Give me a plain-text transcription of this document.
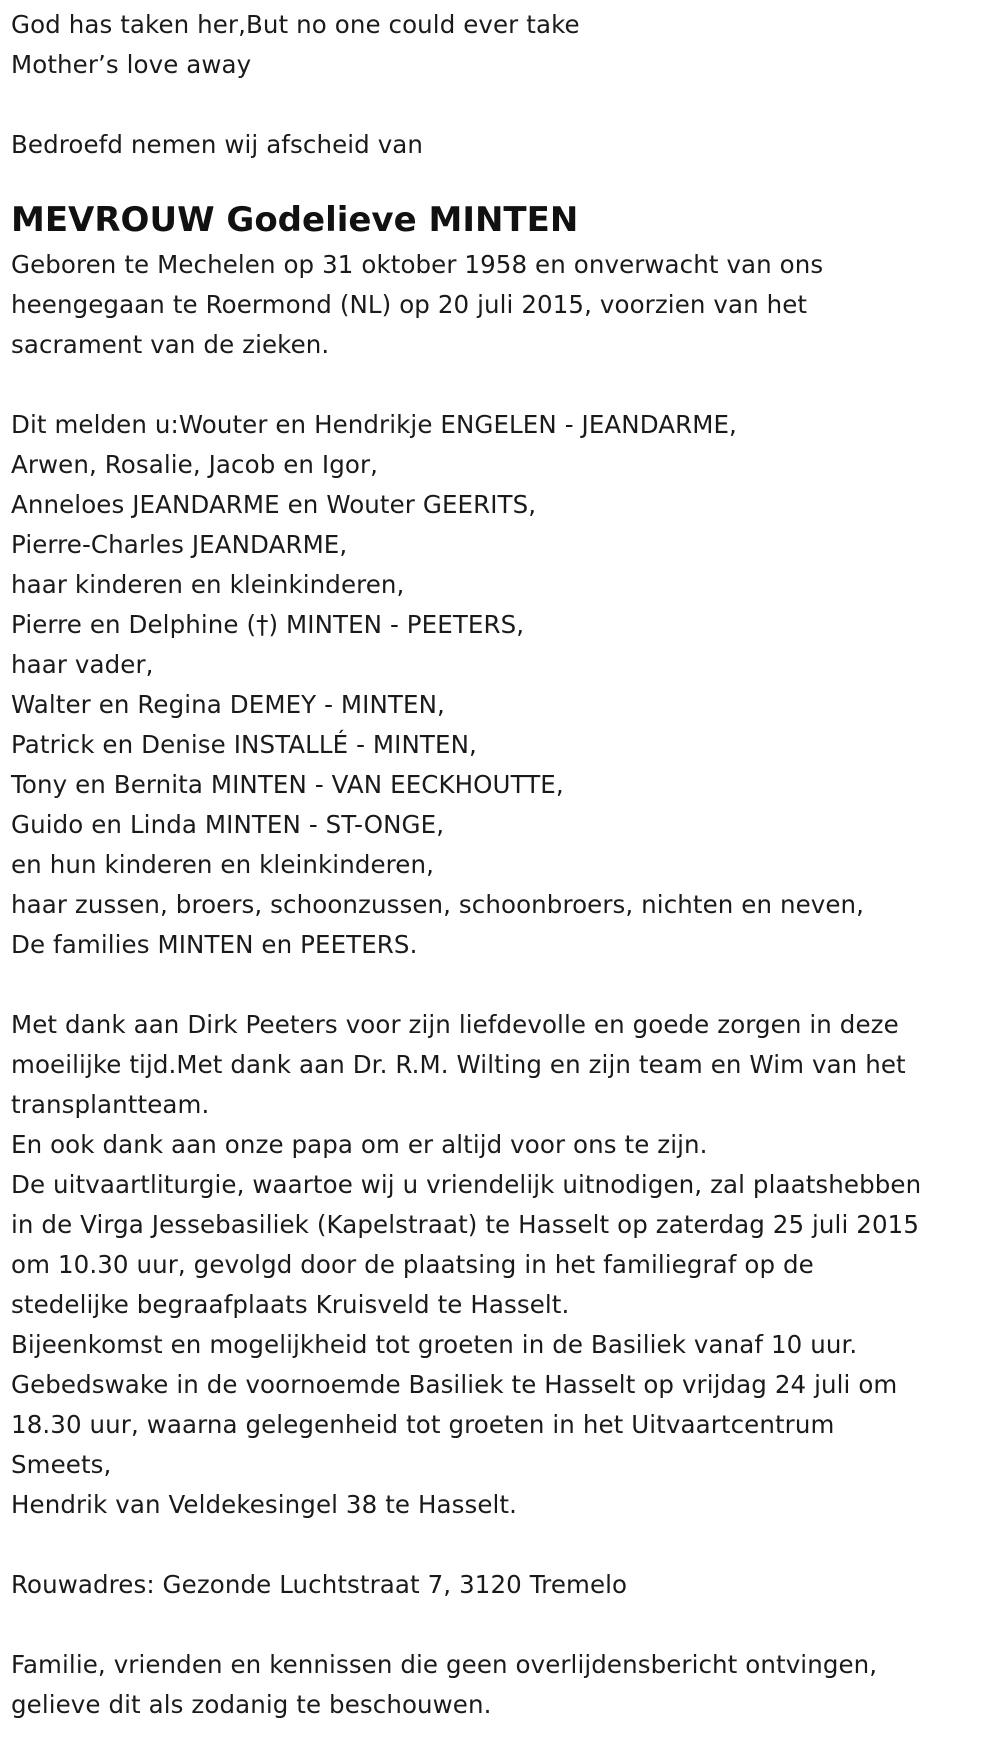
God has taken her,But no one could ever take
Mother’s love away
Bedroefd nemen wij afscheid van
MEVROUW Godelieve MINTEN
Geboren te Mechelen op 31 oktober 1958 en onverwacht van ons
heengegaan te Roermond (NL) op 20 juli 2015, voorzien van het
sacrament van de zieken.
Dit melden u:Wouter en Hendrikje ENGELEN - JEANDARME,
Arwen, Rosalie, Jacob en Igor,
Anneloes JEANDARME en Wouter GEERITS,
Pierre-Charles JEANDARME,
haar kinderen en kleinkinderen,
Pierre en Delphine (†) MINTEN - PEETERS,
haar vader,
Walter en Regina DEMEY - MINTEN,
Patrick en Denise INSTALLÉ - MINTEN,
Tony en Bernita MINTEN - VAN EECKHOUTTE,
Guido en Linda MINTEN - ST-ONGE,
en hun kinderen en kleinkinderen,
haar zussen, broers, schoonzussen, schoonbroers, nichten en neven,
De families MINTEN en PEETERS.
Met dank aan Dirk Peeters voor zijn liefdevolle en goede zorgen in deze
moeilijke tijd.Met dank aan Dr. R.M. Wilting en zijn team en Wim van het
transplantteam.
En ook dank aan onze papa om er altijd voor ons te zijn.
De uitvaartliturgie, waartoe wij u vriendelijk uitnodigen, zal plaatshebben
in de Virga Jessebasiliek (Kapelstraat) te Hasselt op zaterdag 25 juli 2015
om 10.30 uur, gevolgd door de plaatsing in het familiegraf op de
stedelijke begraafplaats Kruisveld te Hasselt.
Bijeenkomst en mogelijkheid tot groeten in de Basiliek vanaf 10 uur.
Gebedswake in de voornoemde Basiliek te Hasselt op vrijdag 24 juli om
18.30 uur, waarna gelegenheid tot groeten in het Uitvaartcentrum
Smeets,
Hendrik van Veldekesingel 38 te Hasselt.
Rouwadres: Gezonde Luchtstraat 7, 3120 Tremelo
Familie, vrienden en kennissen die geen overlijdensbericht ontvingen,
gelieve dit als zodanig te beschouwen.
